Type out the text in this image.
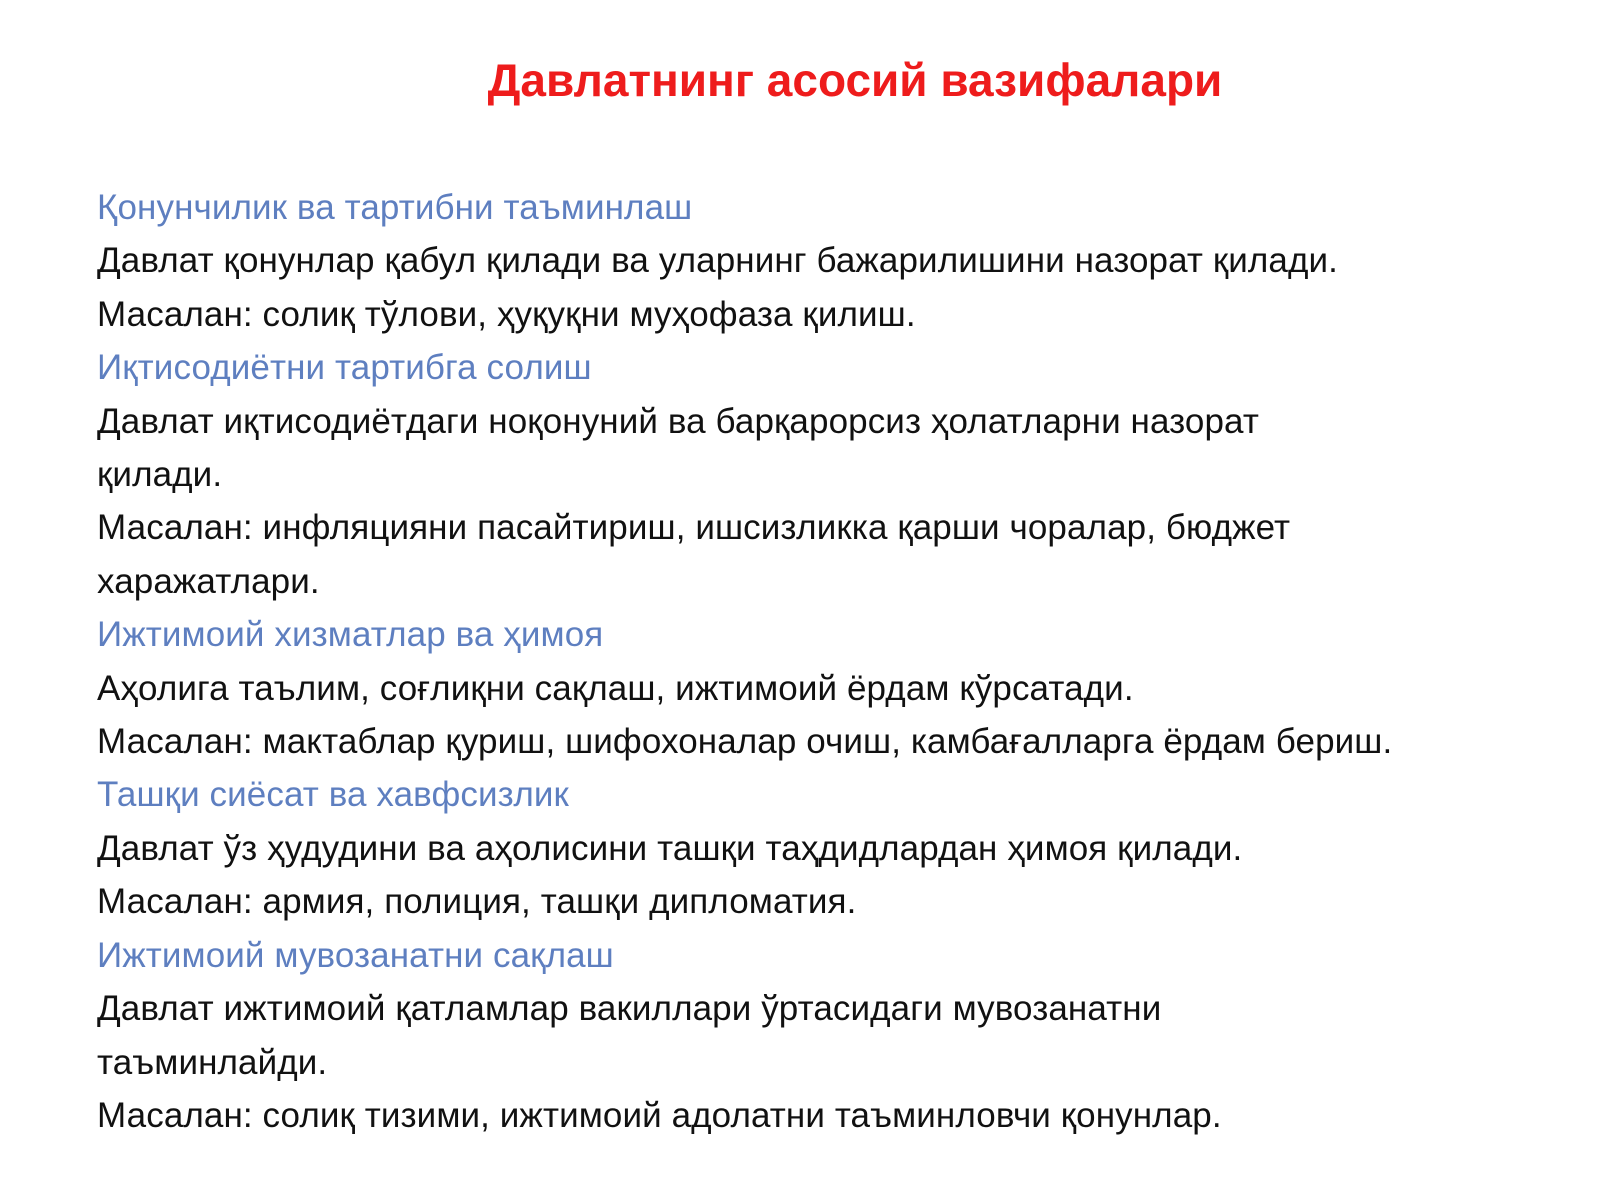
Давлатнинг асосий вазифалари

Қонунчилик ва тартибни таъминлаш

Давлат қонунлар қабул қилади ва уларнинг бажарилишини назорат қилади.

Масалан: солиқ тўлови, ҳуқуқни муҳофаза қилиш.

Иқтисодиётни тартибга солиш

Давлат иқтисодиётдаги ноқонуний ва барқарорсиз ҳолатларни назорат

қилади.

Масалан: инфляцияни пасайтириш, ишсизликка қарши чоралар, бюджет

харажатлари.

Ижтимоий хизматлар ва ҳимоя

Аҳолига таълим, соғлиқни сақлаш, ижтимоий ёрдам кўрсатади.

Масалан: мактаблар қуриш, шифохоналар очиш, камбағалларга ёрдам бериш.

Ташқи сиёсат ва хавфсизлик

Давлат ўз ҳудудини ва аҳолисини ташқи таҳдидлардан ҳимоя қилади.

Масалан: армия, полиция, ташқи дипломатия.

Ижтимоий мувозанатни сақлаш

Давлат ижтимоий қатламлар вакиллари ўртасидаги мувозанатни

таъминлайди.

Масалан: солиқ тизими, ижтимоий адолатни таъминловчи қонунлар.
